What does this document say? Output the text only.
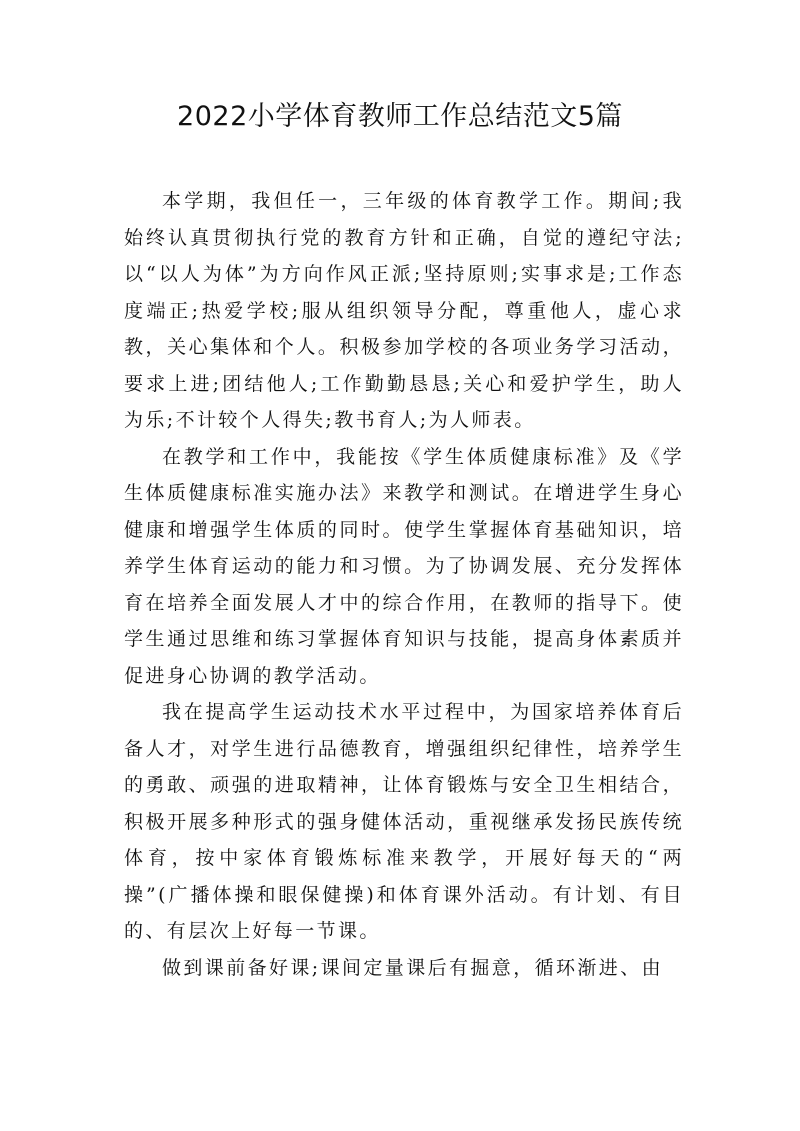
2022小学体育教师工作总结范文5篇

本学期，我但任一，三年级的体育教学工作。期间;我始终认真贯彻执行党的教育方针和正确，自觉的遵纪守法;以“以人为体”为方向作风正派;坚持原则;实事求是;工作态度端正;热爱学校;服从组织领导分配，尊重他人，虚心求教，关心集体和个人。积极参加学校的各项业务学习活动，要求上进;团结他人;工作勤勤恳恳;关心和爱护学生，助人为乐;不计较个人得失;教书育人;为人师表。

在教学和工作中，我能按《学生体质健康标准》及《学生体质健康标准实施办法》来教学和测试。在增进学生身心健康和增强学生体质的同时。使学生掌握体育基础知识，培养学生体育运动的能力和习惯。为了协调发展、充分发挥体育在培养全面发展人才中的综合作用，在教师的指导下。使学生通过思维和练习掌握体育知识与技能，提高身体素质并促进身心协调的教学活动。

我在提高学生运动技术水平过程中，为国家培养体育后备人才，对学生进行品德教育，增强组织纪律性，培养学生的勇敢、顽强的进取精神，让体育锻炼与安全卫生相结合，积极开展多种形式的强身健体活动，重视继承发扬民族传统体育，按中家体育锻炼标准来教学，开展好每天的“两操”(广播体操和眼保健操)和体育课外活动。有计划、有目的、有层次上好每一节课。

做到课前备好课;课间定量课后有掘意，循环渐进、由
